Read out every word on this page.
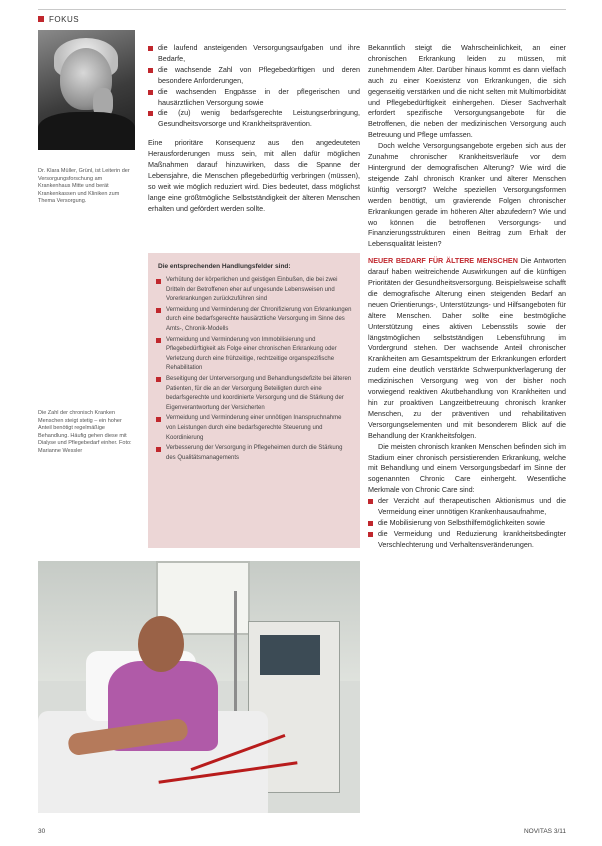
FOKUS

Dr. Klara Müller, Grünl, ist Leiterin der Versorgungsforschung am Krankenhaus Mitte und berät Krankenkassen und Kliniken zum Thema Versorgung.

Die Zahl der chronisch Kranken Menschen steigt stetig – ein hoher Anteil benötigt regelmäßige Behandlung. Häufig gehen diese mit Dialyse und Pflegebedarf einher. Foto: Marianne Wessler

die laufend ansteigenden Versorgungsaufgaben und ihre Bedarfe,
die wachsende Zahl von Pflegebedürftigen und deren besondere Anforderungen,
die wachsenden Engpässe in der pflegerischen und hausärztlichen Versorgung sowie
die (zu) wenig bedarfsgerechte Leistungserbringung, Gesundheitsvorsorge und Krankheitsprävention.

Eine prioritäre Konsequenz aus den angedeuteten Herausforderungen muss sein, mit allen dafür möglichen Maßnahmen darauf hinzuwirken, dass die Spanne der Lebensjahre, die Menschen pflegebedürftig verbringen (müssen), so weit wie möglich reduziert wird. Dies bedeutet, dass möglichst lange eine größtmögliche Selbstständigkeit der älteren Menschen erhalten und gefördert werden sollte.

Die entsprechenden Handlungsfelder sind:
Verhütung der körperlichen und geistigen Einbußen, die bei zwei Dritteln der Betroffenen eher auf ungesunde Lebensweisen und Vorerkrankungen zurückzuführen sind
Vermeidung und Verminderung der Chronifizierung von Erkrankungen durch eine bedarfsgerechte hausärztliche Versorgung im Sinne des Amts-, Chronik-Modells
Vermeidung und Verminderung von Immobilisierung und Pflegebedürftigkeit als Folge einer chronischen Erkrankung oder Verletzung durch eine frühzeitige, rechtzeitige organspezifische Rehabilitation
Beseitigung der Unterversorgung und Behandlungsdefizite bei älteren Patienten, für die an der Versorgung Beteiligten durch eine bedarfsgerechte und koordinierte Versorgung und die Stärkung der Eigenverantwortung der Versicherten
Vermeidung und Verminderung einer unnötigen Inanspruchnahme von Leistungen durch eine bedarfsgerechte Steuerung und Koordinierung
Verbesserung der Versorgung in Pflegeheimen durch die Stärkung des Qualitätsmanagements

Bekanntlich steigt die Wahrscheinlichkeit, an einer chronischen Erkrankung leiden zu müssen, mit zunehmendem Alter. Darüber hinaus kommt es dann vielfach auch zu einer Koexistenz von Erkrankungen, die sich gegenseitig verstärken und die nicht selten mit Multimorbidität und Pflegebedürftigkeit einhergehen. Dieser Sachverhalt erfordert spezifische Versorgungsangebote für die Betroffenen, die neben der medizinischen Versorgung auch Betreuung und Pflege umfassen.

Doch welche Versorgungsangebote ergeben sich aus der Zunahme chronischer Krankheitsverläufe vor dem Hintergrund der demografischen Alterung? Wie wird die steigende Zahl chronisch Kranker und älterer Menschen künftig versorgt? Welche speziellen Versorgungsformen werden benötigt, um gravierende Folgen chronischer Erkrankungen gerade im höheren Alter abzufedern? Wie und wo können die betroffenen Versorgungs- und Finanzierungsstrukturen einen Beitrag zum Erhalt der Lebensqualität leisten?

NEUER BEDARF FÜR ÄLTERE MENSCHEN Die Antworten darauf haben weitreichende Auswirkungen auf die künftigen Prioritäten der Gesundheitsversorgung. Beispielsweise schafft die demografische Alterung einen steigenden Bedarf an neuen Orientierungs-, Unterstützungs- und Hilfsangeboten für ältere Menschen. Daher sollte eine bestmögliche Unterstützung eines aktiven Lebensstils sowie der längstmöglichen selbstständigen Lebensführung im Vordergrund stehen. Der wachsende Anteil chronischer Krankheiten am Gesamtspektrum der Erkrankungen erfordert zudem eine deutlich verstärkte Schwerpunktverlagerung der medizinischen Versorgung weg von der bisher noch vorwiegend reaktiven Akutbehandlung von Krankheiten und hin zur proaktiven Langzeitbetreuung chronisch kranker Menschen, zu der präventiven und rehabilitativen Versorgungselementen und mit besonderem Blick auf die Behandlung der Krankheitsfolgen.

Die meisten chronisch kranken Menschen befinden sich im Stadium einer chronisch persistierenden Erkrankung, welche mit Behandlung und einem Versorgungsbedarf im Sinne der sogenannten Chronic Care einhergeht. Wesentliche Merkmale von Chronic Care sind:

der Verzicht auf therapeutischen Aktionismus und die Vermeidung einer unnötigen Krankenhausaufnahme,
die Mobilisierung von Selbsthilfemöglichkeiten sowie
die Vermeidung und Reduzierung krankheitsbedingter Verschlechterung und Verhaltensveränderungen.
30	NOVITAS 3/11
